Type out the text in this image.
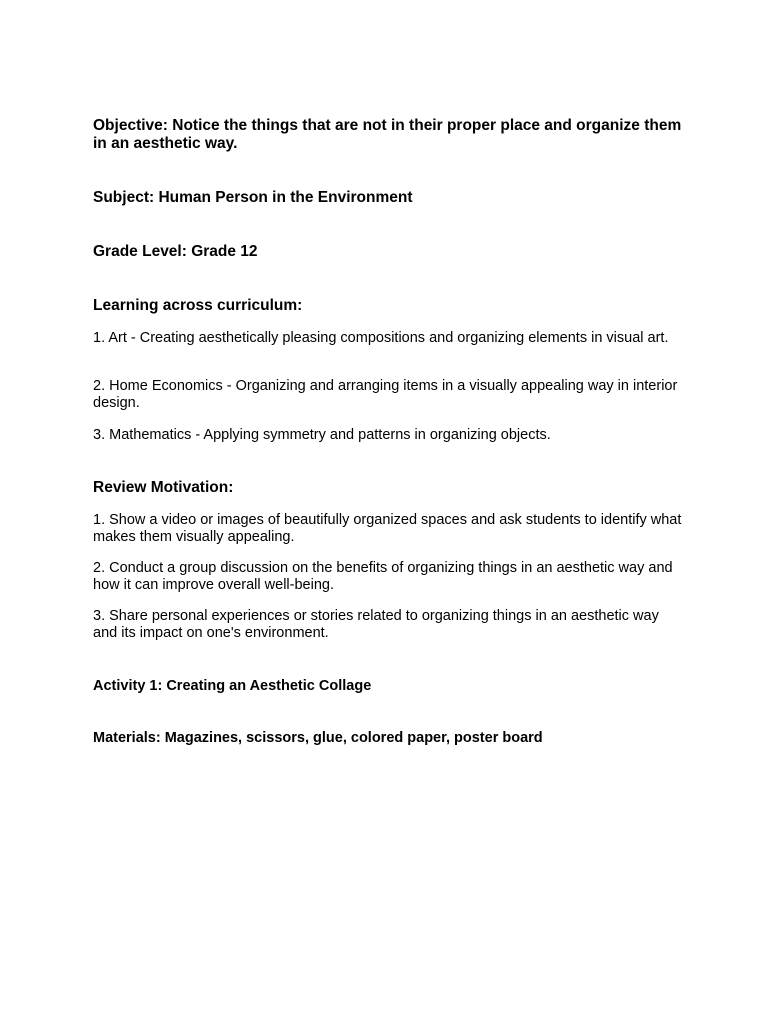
Objective: Notice the things that are not in their proper place and organize them in an aesthetic way.

Subject: Human Person in the Environment

Grade Level: Grade 12

Learning across curriculum:

1. Art - Creating aesthetically pleasing compositions and organizing elements in visual art.

2. Home Economics - Organizing and arranging items in a visually appealing way in interior design.

3. Mathematics - Applying symmetry and patterns in organizing objects.

Review Motivation:

1. Show a video or images of beautifully organized spaces and ask students to identify what makes them visually appealing.

2. Conduct a group discussion on the benefits of organizing things in an aesthetic way and how it can improve overall well-being.

3. Share personal experiences or stories related to organizing things in an aesthetic way and its impact on one's environment.

Activity 1: Creating an Aesthetic Collage

Materials: Magazines, scissors, glue, colored paper, poster board
